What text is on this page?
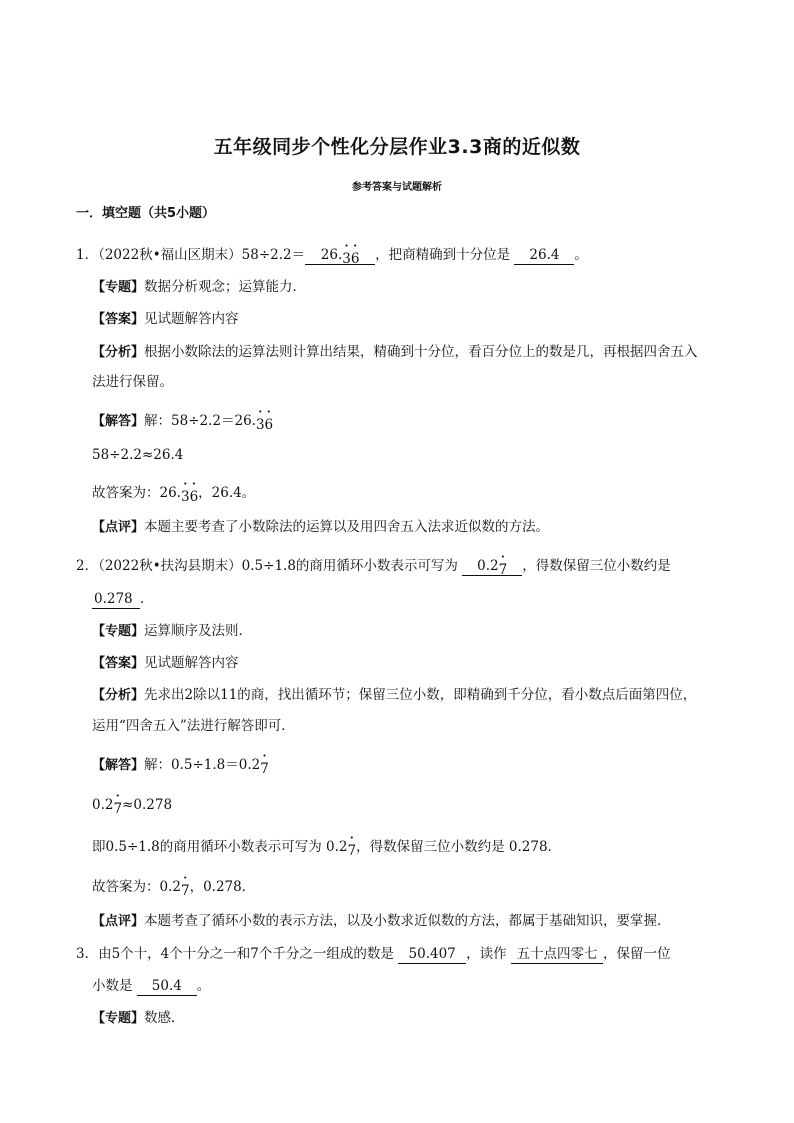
五年级同步个性化分层作业3.3商的近似数
参考答案与试题解析
一．填空题（共5小题）
1．（2022秋•福山区期末）58÷2.2＝ 26.· 3· 6 ，把商精确到十分位是 26.4 。
【专题】数据分析观念；运算能力．
【答案】见试题解答内容
【分析】根据小数除法的运算法则计算出结果，精确到十分位，看百分位上的数是几，再根据四舍五入
法进行保留。
【解答】解：58÷2.2＝26.· 3· 6
58÷2.2≈26.4
故答案为：26.· 3· 6，26.4。
【点评】本题主要考查了小数除法的运算以及用四舍五入法求近似数的方法。
2．（2022秋•扶沟县期末）0.5÷1.8的商用循环小数表示可写为 0.2· 7 ，得数保留三位小数约是
0.278 ．
【专题】运算顺序及法则．
【答案】见试题解答内容
【分析】先求出2除以11的商，找出循环节；保留三位小数，即精确到千分位，看小数点后面第四位，
运用“四舍五入”法进行解答即可．
【解答】解：0.5÷1.8＝0.2· 7
0.2· 7≈0.278
即0.5÷1.8的商用循环小数表示可写为 0.2· 7，得数保留三位小数约是 0.278．
故答案为：0.2· 7，0.278．
【点评】本题考查了循环小数的表示方法，以及小数求近似数的方法，都属于基础知识，要掌握．
3．由5个十，4个十分之一和7个千分之一组成的数是 50.407 ，读作 五十点四零七 ，保留一位
小数是 50.4 。
【专题】数感．
